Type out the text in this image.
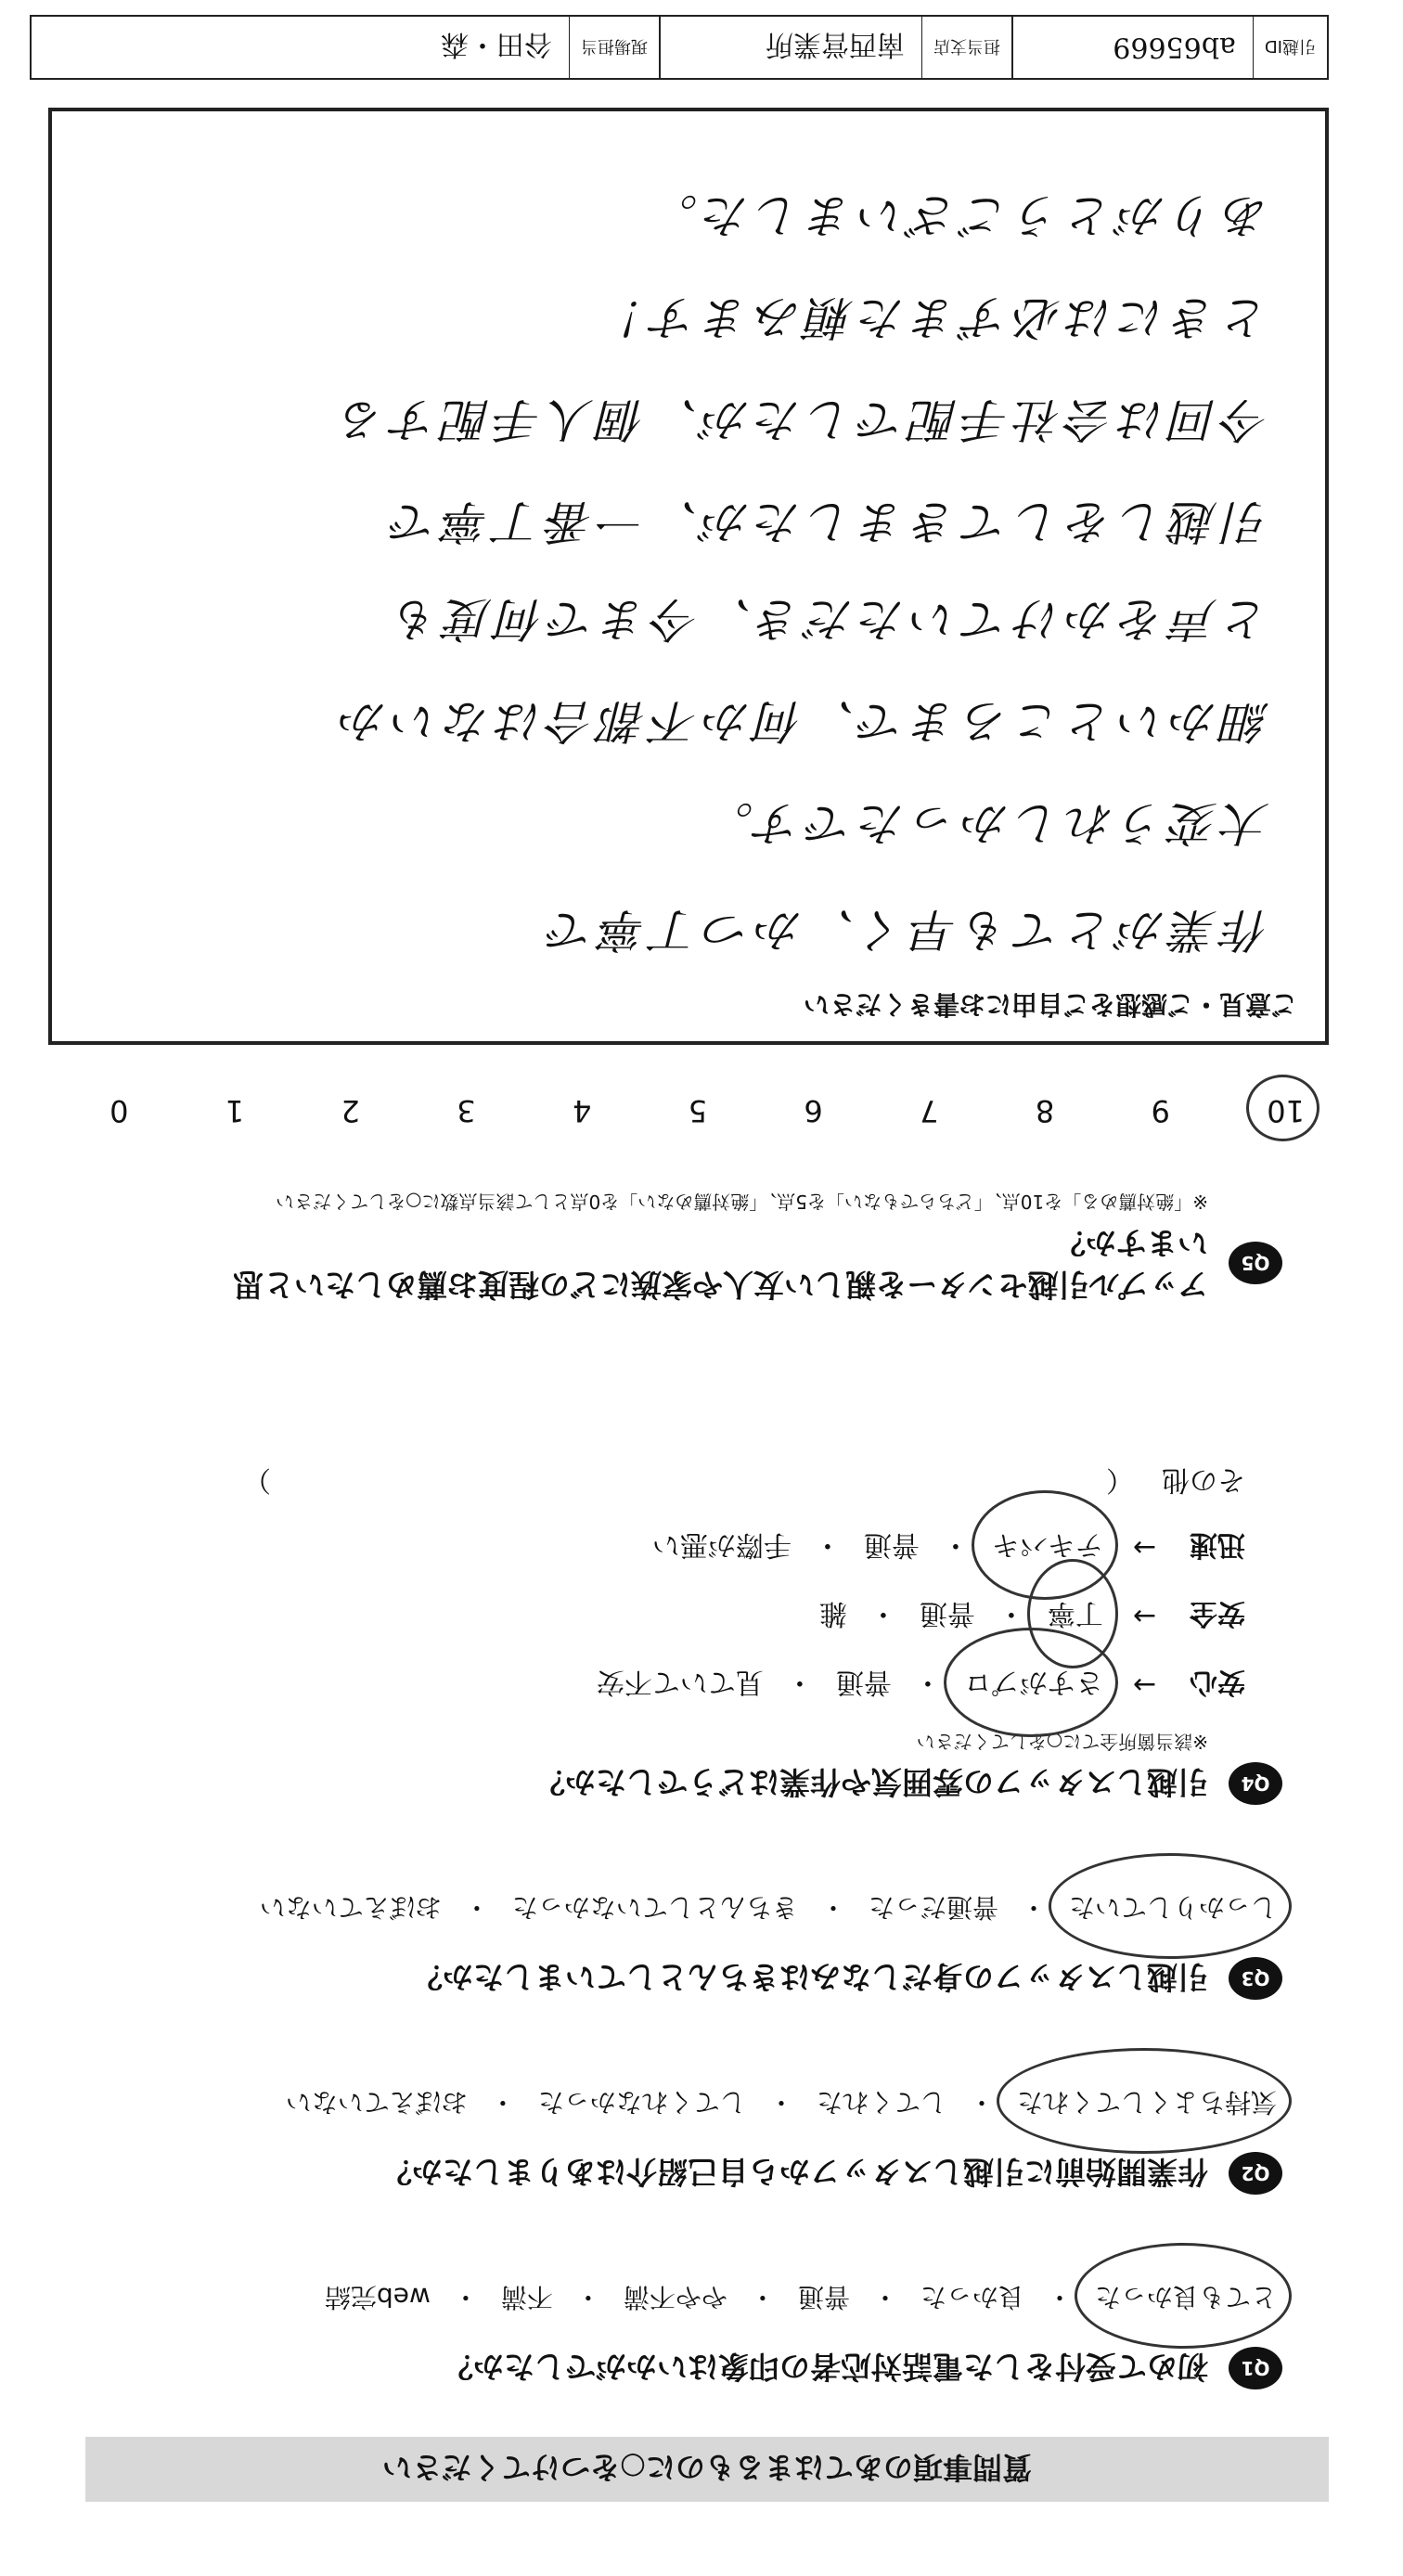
引越ID
ab65669
担当支店
南西営業所
現場担当
谷田・森
質問事項のあてはまるものに○をつけてください
Q1
初めて受付をした電話対応者の印象はいかがでしたか？
とても良かった
・
良かった
・
普通
・
やや不満
・
不満
・
web完結
Q2
作業開始前に引越しスタッフから自己紹介はありましたか？
気持ちよくしてくれた
・
してくれた
・
してくれなかった
・
おぼえていない
Q3
引越しスタッフの身だしなみはきちんとしていましたか？
しっかりしていた
・
普通だった
・
きちんとしていなかった
・
おぼえていない
Q4
引越しスタッフの雰囲気や作業はどうでしたか？
※該当箇所全てに○をしてください
安心
→
さすがプロ
・
普通
・
見ていて不安
安全
→
丁寧
・
普通
・
雑
迅速
→
テキパキ
・
普通
・
手際が悪い
その他
（
）
Q5
アップル引越センターを親しい友人や家族にどの程度お薦めしたいと思いますか？
※「絶対薦める」を10点、「どちらでもない」を5点、「絶対薦めない」を0点として該当点数に○をしてください
10
9
8
7
6
5
4
3
2
1
0
ご意見・ご感想をご自由にお書きください
作業がとても早く、かつ丁寧で
大変うれしかったです。
細かいところまで、何か不都合はないか
と声をかけていただき、今まで何度も
引越しをしてきましたが、一番丁寧で
今回は会社手配でしたが、個人手配する
ときには必ずまた頼みます！
ありがとうございました。
